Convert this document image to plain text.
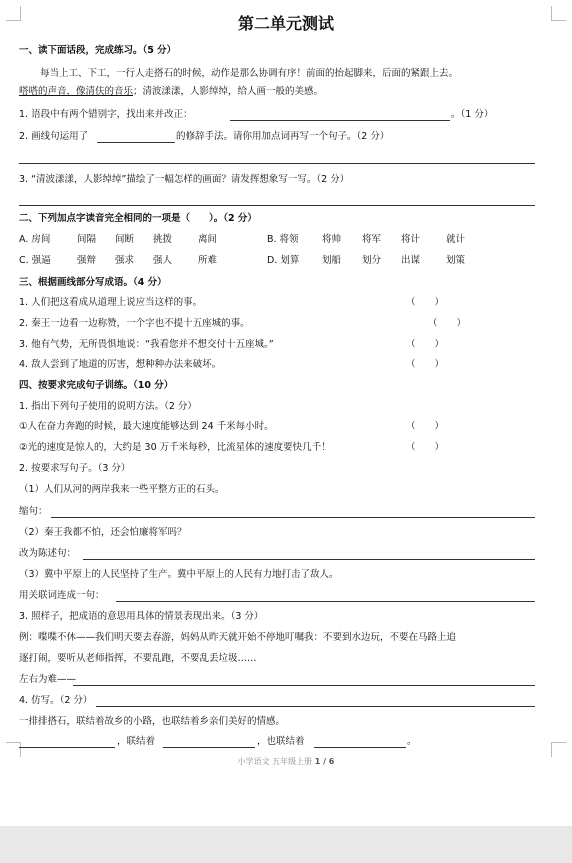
第二单元测试
一、读下面话段，完成练习。（5 分）
每当上工、下工，一行人走搭石的时候，动作是那么协调有序！前面的抬起脚来，后面的紧跟上去。
嗒嗒的声音，像清伕的音乐；清波漾漾，人影绰绰，给人画一般的美感。
1. 语段中有两个错别字，找出来并改正：	。（1 分）
2. 画线句运用了	的修辞手法。请你用加点词再写一个句子。（2 分）
3. “清波漾漾，人影绰绰”描绘了一幅怎样的画面？请发挥想象写一写。（2 分）
二、下列加点字读音完全相同的一项是（　　）。（2 分）
A. 房间	间隔 间断 挑拨	离间	B. 将领 将帅 将军 将计	就计
C. 强逼	强辩 强求 强人	所难	D. 划算 划船 划分 出谋	划策
三、根据画线部分写成语。（4 分）
1. 人们把这看成从道理上说应当这样的事。	（　　）
2. 秦王一边看一边称赞，一个字也不提十五座城的事。	（　　）
3. 他有气势，无所畏惧地说：“我看您并不想交付十五座城。”	（　　）
4. 敌人尝到了地道的厉害，想种种办法来破坏。	（　　）
四、按要求完成句子训练。（10 分）
1. 指出下列句子使用的说明方法。（2 分）
①人在奋力奔跑的时候，最大速度能够达到 24 千米每小时。	（　　）
②光的速度是惊人的，大约是 30 万千米每秒，比流星体的速度要快几千！	（　　）
2. 按要求写句子。（3 分）
（1）人们从河的两岸我来一些平整方正的石头。
缩句：
（2）秦王我都不怕，还会怕廉将军吗？
改为陈述句：
（3）冀中平原上的人民坚持了生产。冀中平原上的人民有力地打击了敌人。
用关联词连成一句：
3. 照样子，把成语的意思用具体的情景表现出来。（3 分）
例：喋喋不休——我们明天要去春游，妈妈从昨天就开始不停地叮嘱我：不要到水边玩，不要在马路上追
逐打闹，要听从老师指挥，不要乱跑，不要乱丢垃圾……
左右为难——
4. 仿写。（2 分）
一排排搭石，联结着故乡的小路，也联结着乡亲们美好的情感。
，联结着	，也联结着	。
小学语文 五年级上册 1 / 6
